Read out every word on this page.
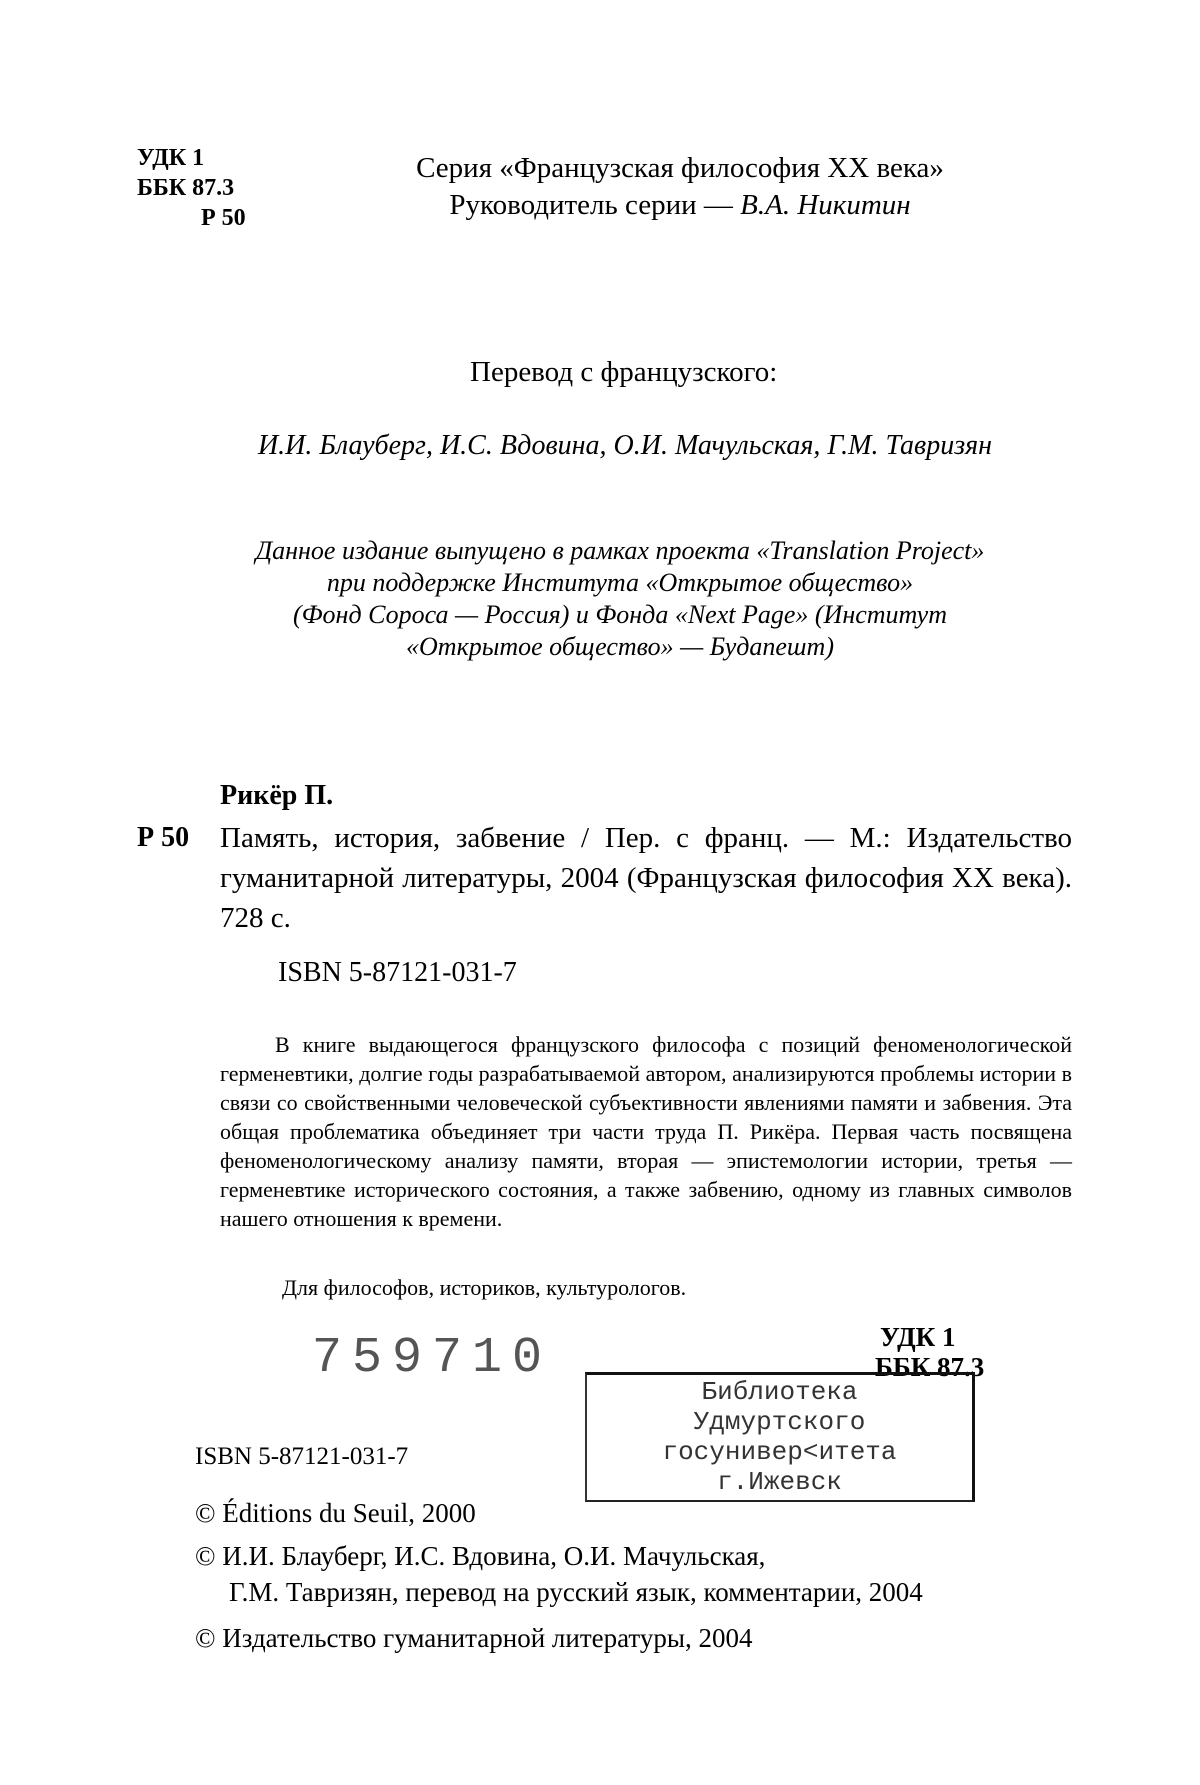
УДК 1
ББК 87.3
Р 50
Серия «Французская философия XX века»
Руководитель серии — В.А. Никитин
Перевод с французского:
И.И. Блауберг, И.С. Вдовина, О.И. Мачульская, Г.М. Тавризян
Данное издание выпущено в рамках проекта «Translation Project»
при поддержке Института «Открытое общество»
(Фонд Сороса — Россия) и Фонда «Next Page» (Институт
«Открытое общество» — Будапешт)
Рикёр П.
Р 50 Память, история, забвение / Пер. с франц. — М.: Издательство гуманитарной литературы, 2004 (Французская философия XX века). 728 с.
ISBN 5-87121-031-7

В книге выдающегося французского философа с позиций феноменологической герменевтики, долгие годы разрабатываемой автором, анализируются проблемы истории в связи со свойственными человеческой субъективности явлениями памяти и забвения. Эта общая проблематика объединяет три части труда П. Рикёра. Первая часть посвящена феноменологическому анализу памяти, вторая — эпистемологии истории, третья — герменевтике исторического состояния, а также забвению, одному из главных символов нашего отношения к времени.

Для философов, историков, культурологов.
759710	УДК 1
ББК 87.3
Библиотека
Удмуртского
госунивер<итета
г.Ижевск
ISBN 5-87121-031-7
© Éditions du Seuil, 2000
© И.И. Блауберг, И.С. Вдовина, О.И. Мачульская,
Г.М. Тавризян, перевод на русский язык, комментарии, 2004
© Издательство гуманитарной литературы, 2004
